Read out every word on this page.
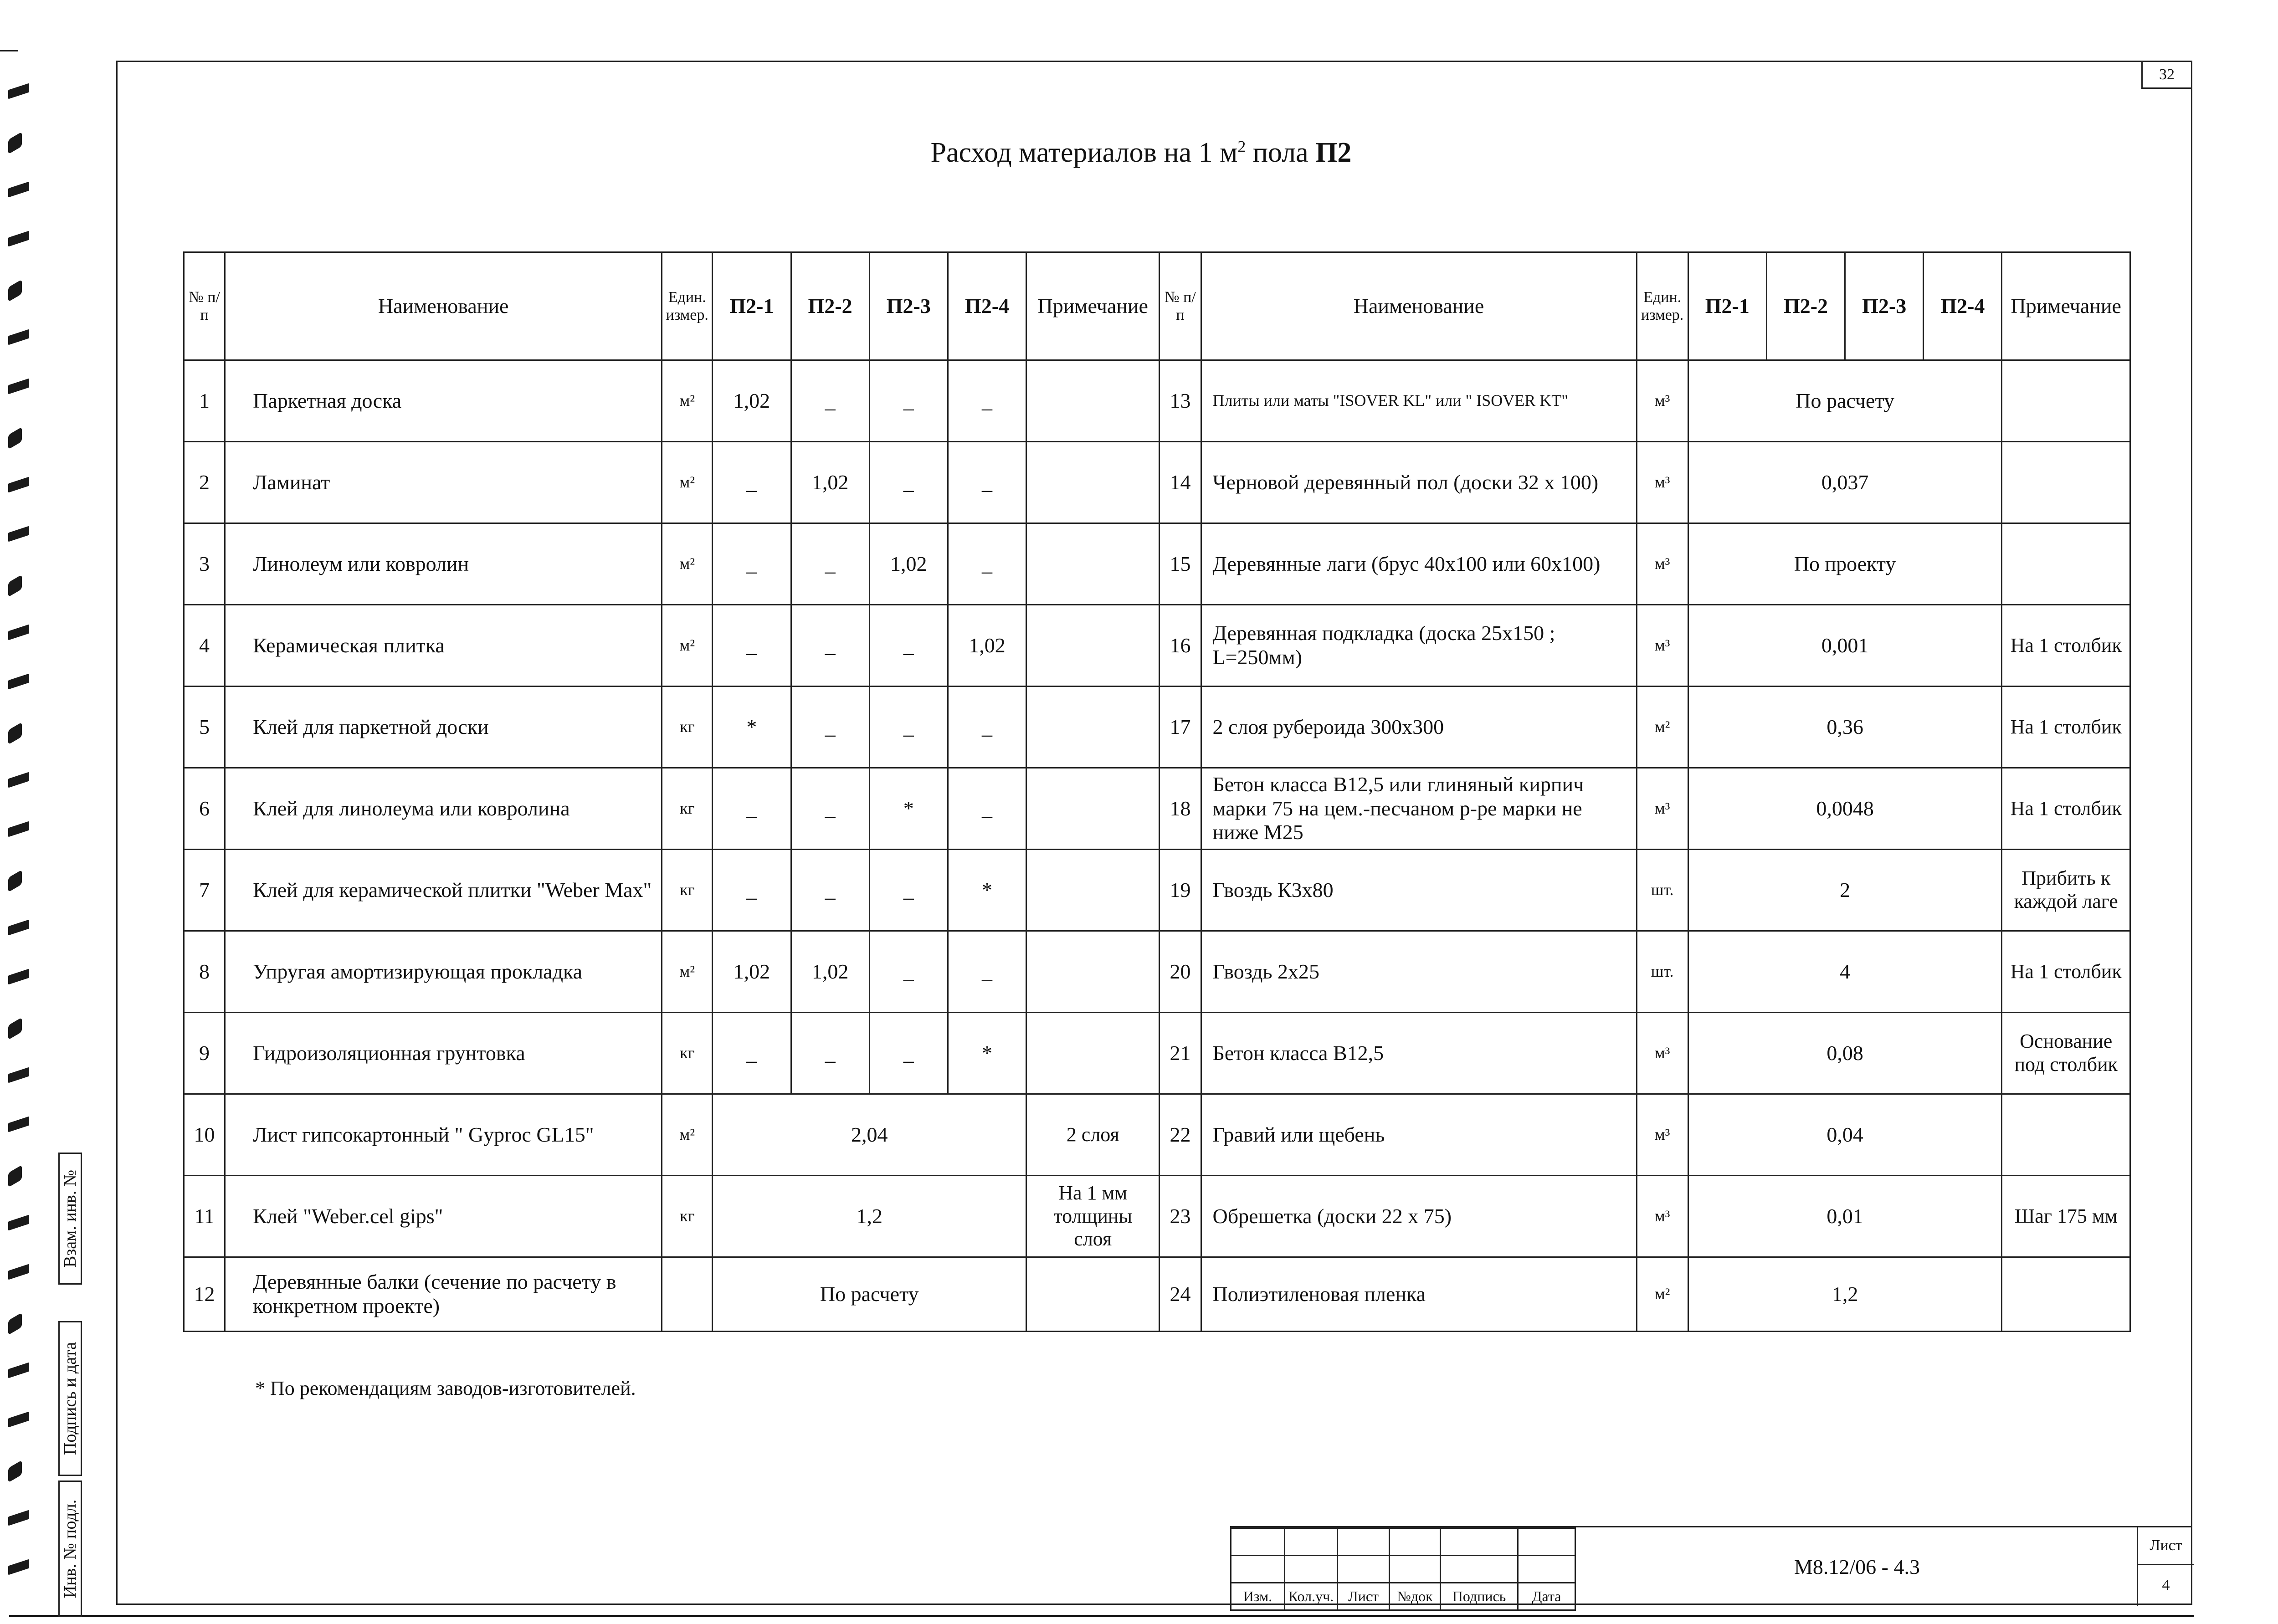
32
Расход материалов на 1 $м^2$ пола П2
№ п/п	Наименование	Един. измер.	П2-1	П2-2	П2-3	П2-4	Примечание	№ п/п	Наименование	Един. измер.	П2-1	П2-2	П2-3	П2-4	Примечание
1	Паркетная доска	м²	1,02	_	_	_		13	Плиты или маты "ISOVER KL" или " ISOVER KT"	м³	По расчету				
2	Ламинат	м²	_	1,02	_	_		14	Черновой деревянный пол (доски 32 х 100)	м³	0,037				
3	Линолеум или ковролин	м²	_	_	1,02	_		15	Деревянные лаги (брус 40х100 или 60х100)	м³	По проекту				
4	Керамическая плитка	м²	_	_	_	1,02		16	Деревянная подкладка (доска 25х150 ; L=250мм)	м³	0,001				На 1 столбик
5	Клей для паркетной доски	кг	*	_	_	_		17	2 слоя рубероида 300х300	м²	0,36				На 1 столбик
6	Клей для линолеума или ковролина	кг	_	_	*	_		18	Бетон класса В12,5 или глиняный кирпич марки 75 на цем.-песчаном р-ре марки не ниже М25	м³	0,0048				На 1 столбик
7	Клей для керамической плитки "Weber Max"	кг	_	_	_	*		19	Гвоздь К3х80	шт.	2				Прибить к каждой лаге
8	Упругая амортизирующая прокладка	м²	1,02	1,02	_	_		20	Гвоздь 2х25	шт.	4				На 1 столбик
9	Гидроизоляционная грунтовка	кг	_	_	_	*		21	Бетон класса В12,5	м³	0,08				Основание под столбик
10	Лист гипсокартонный " Gyproc GL15"	м²	2,04				2 слоя	22	Гравий или щебень	м³	0,04				
11	Клей "Weber.cel gips"	кг	1,2				На 1 мм толщины слоя	23	Обрешетка (доски 22 х 75)	м³	0,01				Шаг 175 мм
12	Деревянные балки (сечение по расчету в конкретном проекте)		По расчету					24	Полиэтиленовая пленка	м²	1,2				
* По рекомендациям заводов-изготовителей.
Взам. инв. №
Подпись и дата
Инв. № подл.

						Изм.	Кол.уч.	Лист	№док	Подпись	Дата
М8.12/06 - 4.3
Лист
4
